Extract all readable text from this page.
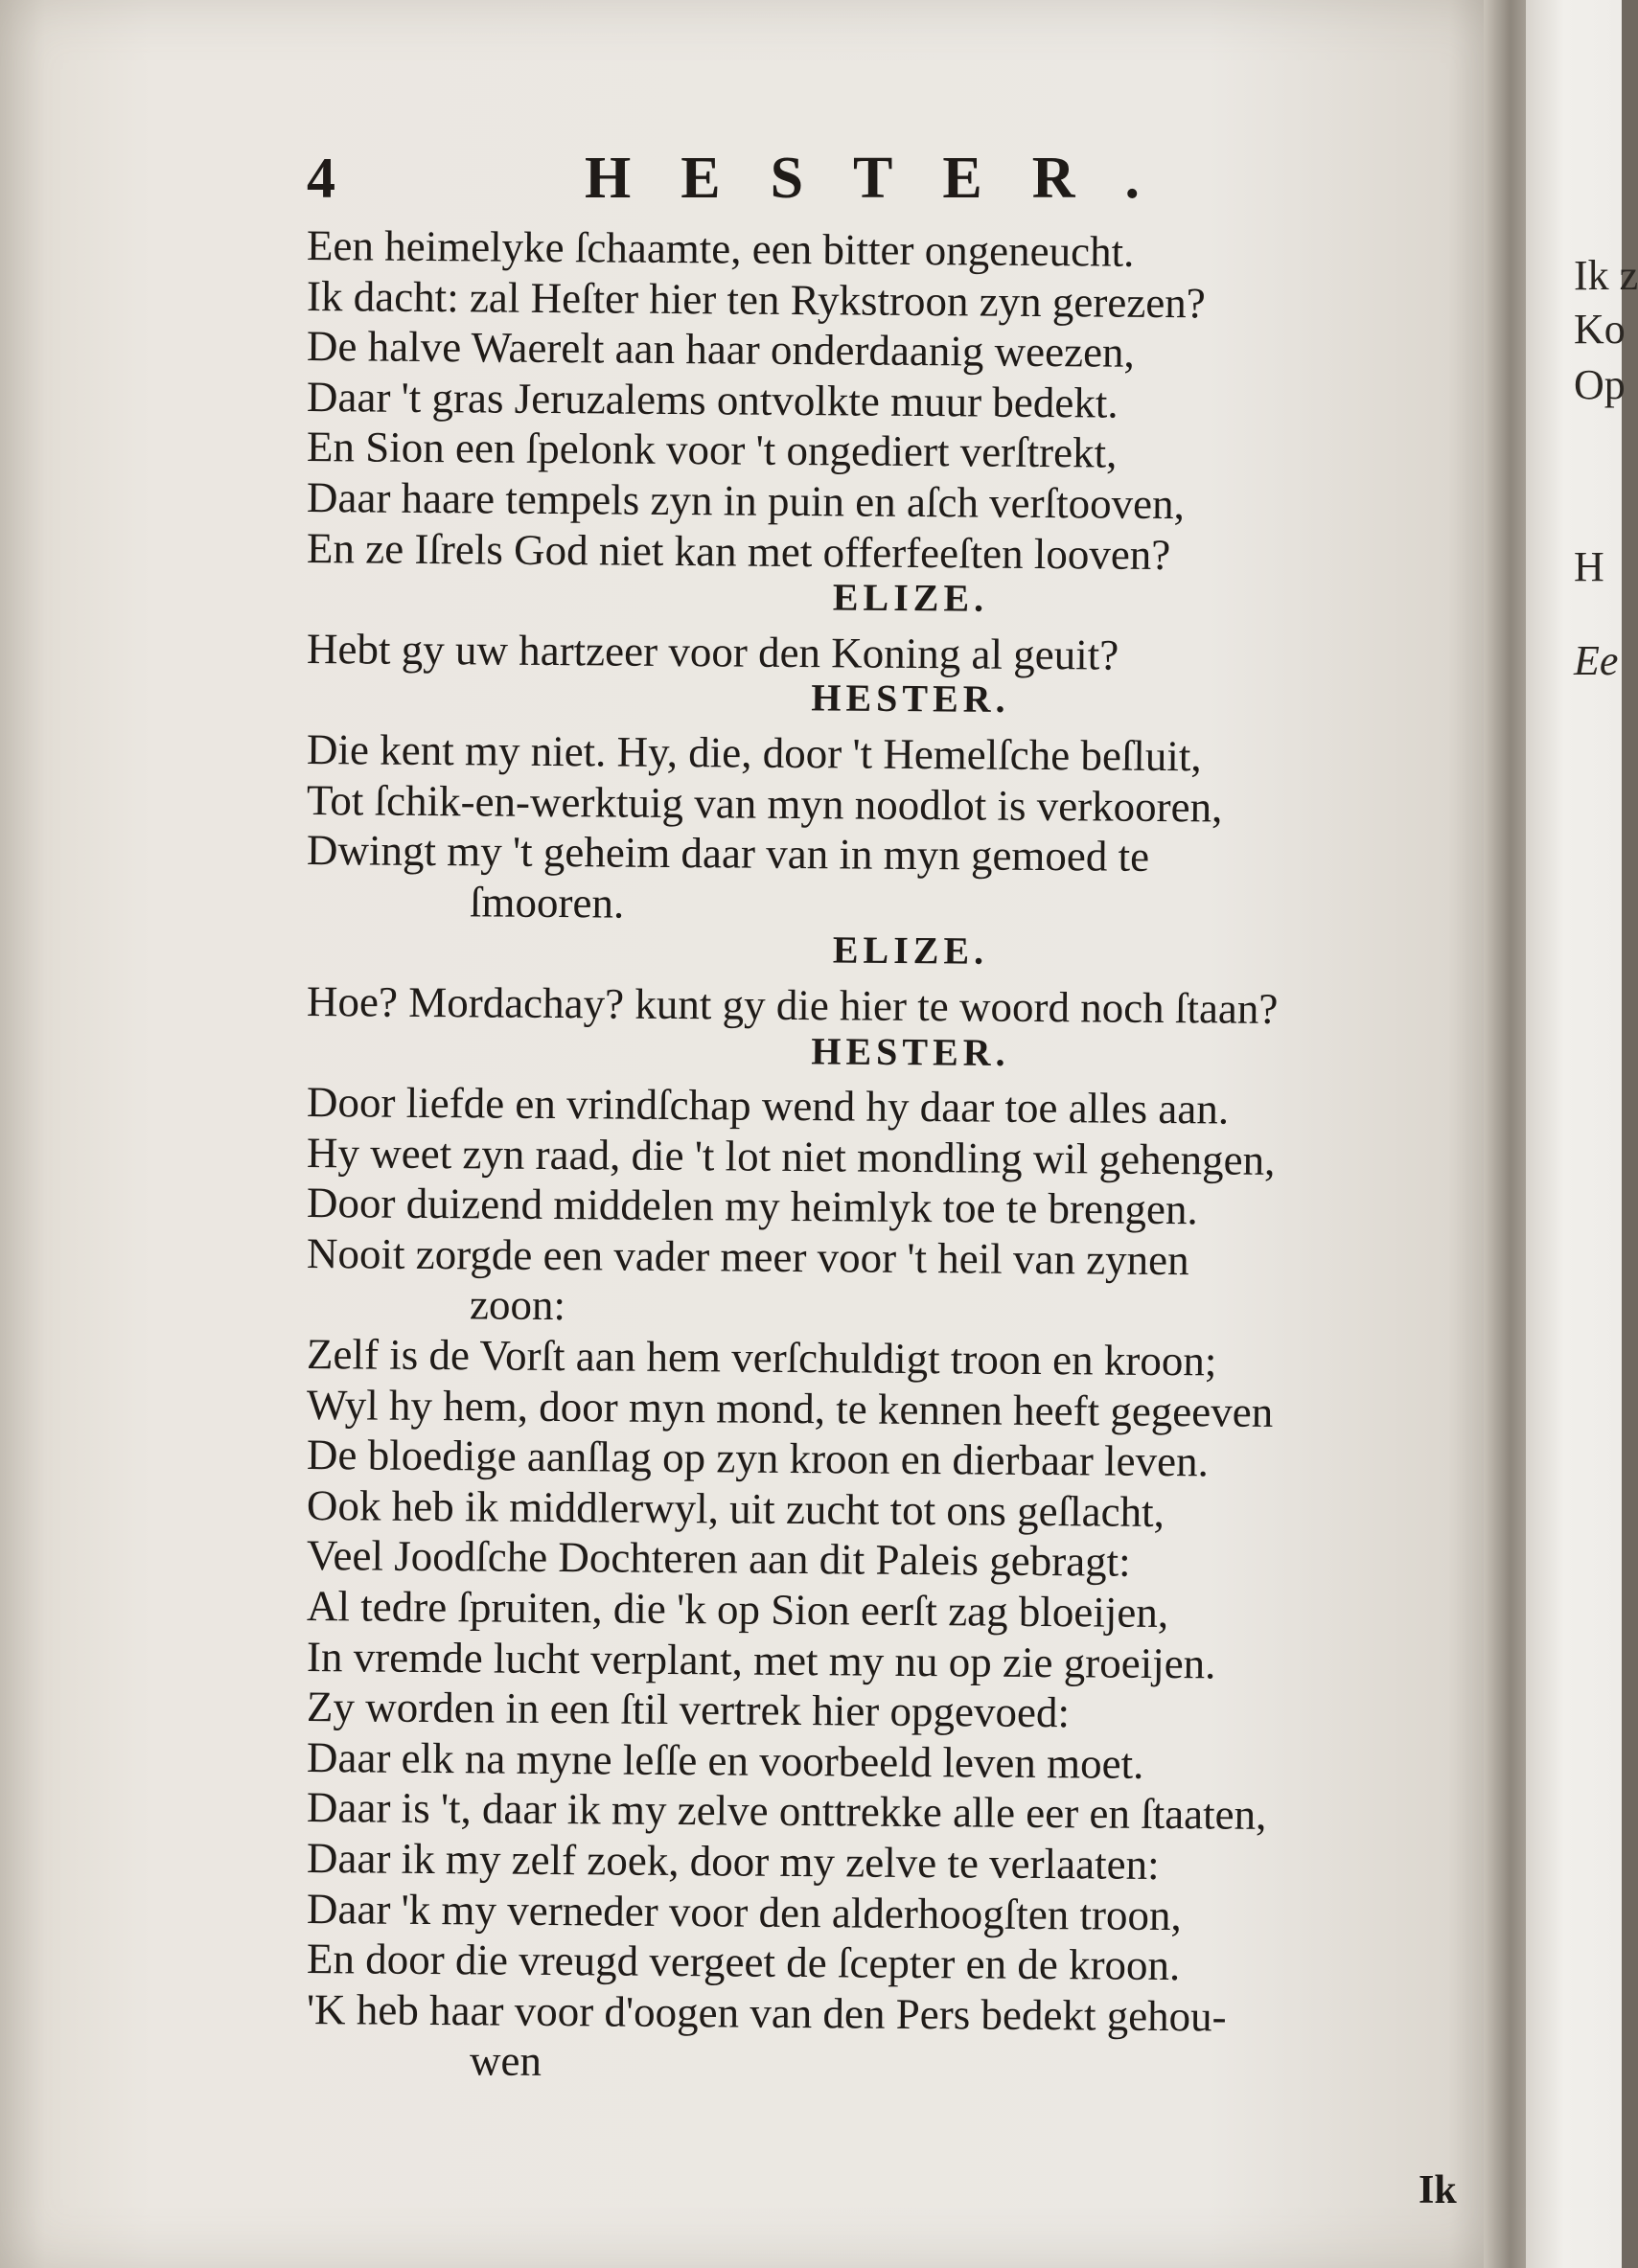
Ik z
Ko
Op
H
Ee
4	HESTER.
Een heimelyke ſchaamte, een bitter ongeneucht.
Ik dacht: zal Heſter hier ten Rykstroon zyn gerezen?
De halve Waerelt aan haar onderdaanig weezen,
Daar 't gras Jeruzalems ontvolkte muur bedekt.
En Sion een ſpelonk voor 't ongediert verſtrekt,
Daar haare tempels zyn in puin en aſch verſtooven,
En ze Iſrels God niet kan met offerfeeſten looven?
ELIZE.
Hebt gy uw hartzeer voor den Koning al geuit?
HESTER.
Die kent my niet. Hy, die, door 't Hemelſche beſluit,
Tot ſchik-en-werktuig van myn noodlot is verkooren,
Dwingt my 't geheim daar van in myn gemoed te
ſmooren.
ELIZE.
Hoe? Mordachay? kunt gy die hier te woord noch ſtaan?
HESTER.
Door liefde en vrindſchap wend hy daar toe alles aan.
Hy weet zyn raad, die 't lot niet mondling wil gehengen,
Door duizend middelen my heimlyk toe te brengen.
Nooit zorgde een vader meer voor 't heil van zynen
zoon:
Zelf is de Vorſt aan hem verſchuldigt troon en kroon;
Wyl hy hem, door myn mond, te kennen heeft gegeeven
De bloedige aanſlag op zyn kroon en dierbaar leven.
Ook heb ik middlerwyl, uit zucht tot ons geſlacht,
Veel Joodſche Dochteren aan dit Paleis gebragt:
Al tedre ſpruiten, die 'k op Sion eerſt zag bloeijen,
In vremde lucht verplant, met my nu op zie groeijen.
Zy worden in een ſtil vertrek hier opgevoed:
Daar elk na myne leſſe en voorbeeld leven moet.
Daar is 't, daar ik my zelve onttrekke alle eer en ſtaaten,
Daar ik my zelf zoek, door my zelve te verlaaten:
Daar 'k my verneder voor den alderhoogſten troon,
En door die vreugd vergeet de ſcepter en de kroon.
'K heb haar voor d'oogen van den Pers bedekt gehou-
wen
Ik
